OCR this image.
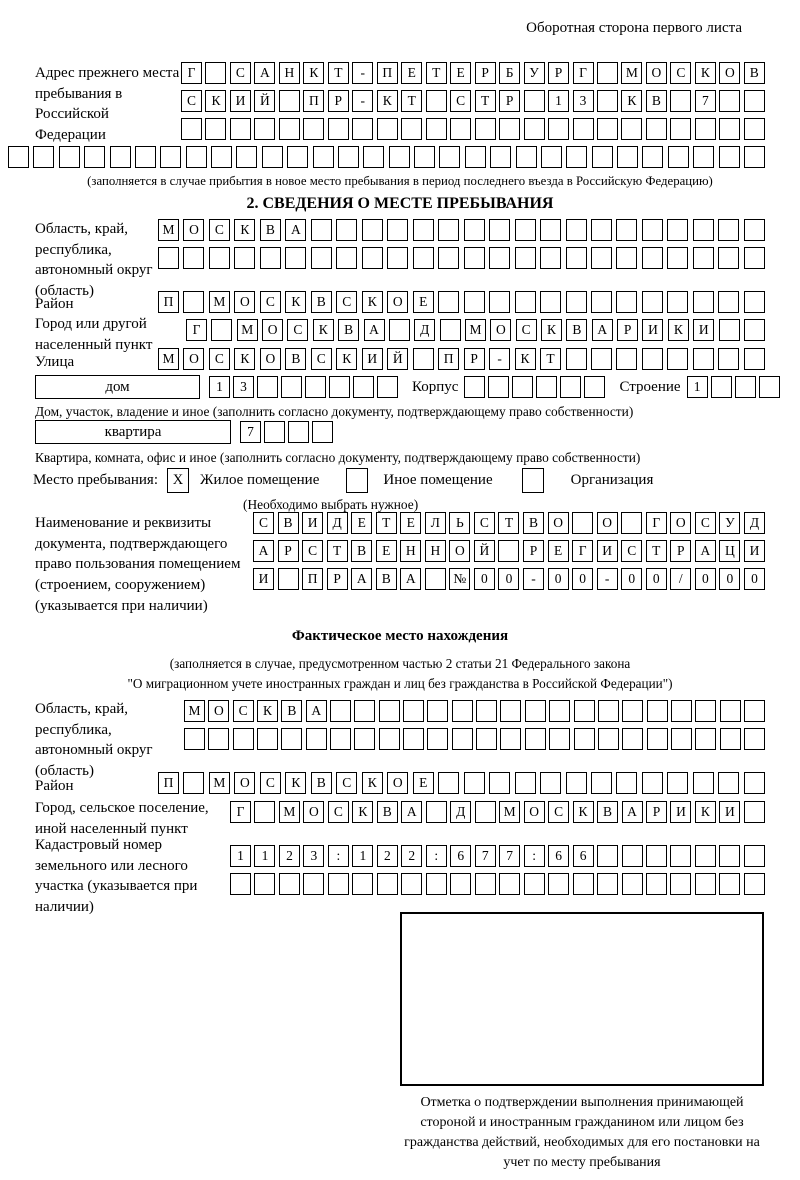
Оборотная сторона первого листа
Адрес прежнего места пребывания в Российской Федерации
Г	С	А	Н	К	Т	-	П	Е	Т	Е	Р	Б	У	Р	Г	М	О	С	К	О	В
С	К	И	Й	П	Р	-	К	Т	С	Т	Р	1	3	К	В	7
(заполняется в случае прибытия в новое место пребывания в период последнего въезда в Российскую Федерацию)
2. СВЕДЕНИЯ О МЕСТЕ ПРЕБЫВАНИЯ
Область, край, республика, автономный округ (область)
М	О	С	К	В	А
Район	П	М	О	С	К	В	С	К	О	Е
Город или другой населенный пункт
Г	М	О	С	К	В	А	Д	М	О	С	К	В	А	Р	И	К	И
Улица	М	О	С	К	О	В	С	К	И	Й	П	Р	-	К	Т
дом	1	3	Корпус	Строение 1
Дом, участок, владение и иное (заполнить согласно документу, подтверждающему право собственности)
квартира	7
Квартира, комната, офис и иное (заполнить согласно документу, подтверждающему право собственности)
Место пребывания:	X	Жилое помещение	Иное помещение	Организация
(Необходимо выбрать нужное)
Наименование и реквизиты документа, подтверждающего право пользования помещением (строением, сооружением) (указывается при наличии)
С	В	И	Д	Е	Т	Е	Л	Ь	С	Т	В	О	О	Г	О	С	У	Д
А	Р	С	Т	В	Е	Н	Н	О	Й	Р	Е	Г	И	С	Т	Р	А	Ц	И
И	П	Р	А	В	А	№	0	0	-	0	0	-	0	0	/	0	0	0
Фактическое место нахождения
(заполняется в случае, предусмотренном частью 2 статьи 21 Федерального закона
"О миграционном учете иностранных граждан и лиц без гражданства в Российской Федерации")
Область, край, республика, автономный округ (область)
М О	С	К	В	А
Район	П	М	О	С	К	В	С	К	О	Е
Город, сельское поселение, иной населенный пункт
Г	М	О	С	К	В	А	Д	М	О	С	К	В	А	Р	И	К	И
Кадастровый номер земельного или лесного участка (указывается при наличии)
1	1	2	3	:	1	2	2	:	6	7	7	:	6	6
Отметка о подтверждении выполнения принимающей стороной и иностранным гражданином или лицом без гражданства действий, необходимых для его постановки на учет по месту пребывания
